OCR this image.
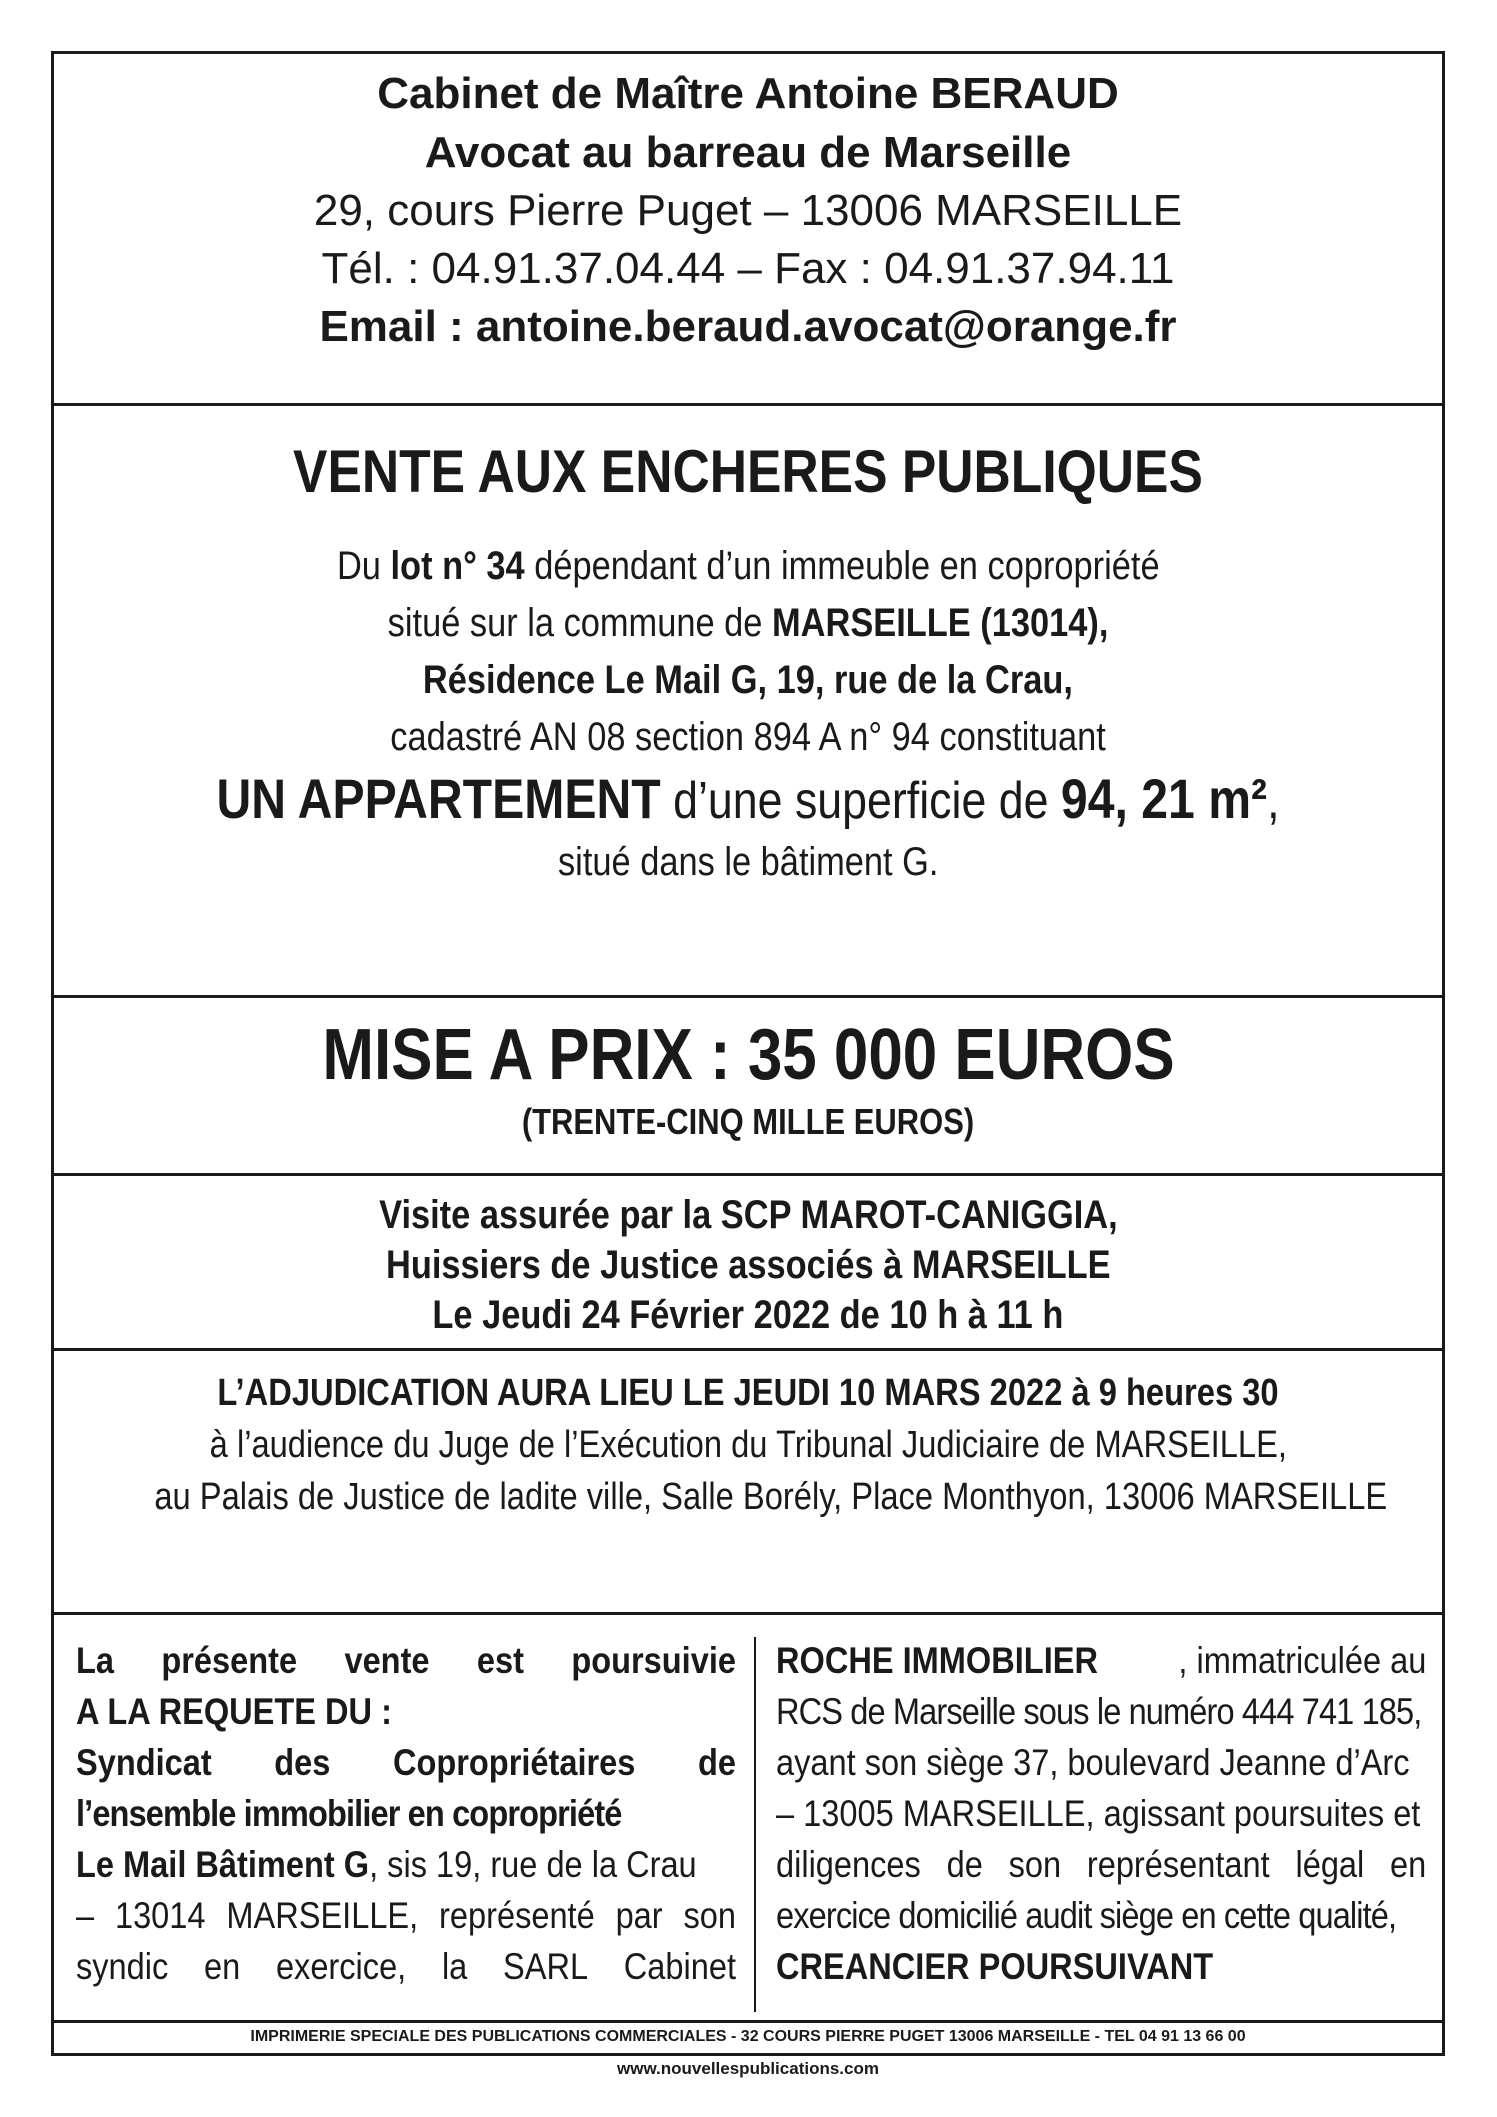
Cabinet de Maître Antoine BERAUD
Avocat au barreau de Marseille
29, cours Pierre Puget – 13006 MARSEILLE
Tél. : 04.91.37.04.44 – Fax : 04.91.37.94.11
Email : antoine.beraud.avocat@orange.fr
VENTE AUX ENCHERES PUBLIQUES
Du lot n° 34 dépendant d’un immeuble en copropriété
situé sur la commune de MARSEILLE (13014),
Résidence Le Mail G, 19, rue de la Crau,
cadastré AN 08 section 894 A n° 94 constituant
UN APPARTEMENT d’une superficie de 94, 21 m²,
situé dans le bâtiment G.
MISE A PRIX : 35 000 EUROS
(TRENTE-CINQ MILLE EUROS)
Visite assurée par la SCP MAROT-CANIGGIA,
Huissiers de Justice associés à MARSEILLE
Le Jeudi 24 Février 2022 de 10 h à 11 h
L’ADJUDICATION AURA LIEU LE JEUDI 10 MARS 2022 à 9 heures 30
à l’audience du Juge de l’Exécution du Tribunal Judiciaire de MARSEILLE,
au Palais de Justice de ladite ville, Salle Borély, Place Monthyon, 13006 MARSEILLE
La présente vente est poursuivie
A LA REQUETE DU :
Syndicat des Copropriétaires de
l’ensemble immobilier en copropriété
Le Mail Bâtiment G , sis 19, rue de la Crau
– 13014 MARSEILLE, représenté par son
syndic en exercice, la SARL Cabinet
ROCHE IMMOBILIER , immatriculée au
RCS de Marseille sous le numéro 444 741 185,
ayant son siège 37, boulevard Jeanne d’Arc
– 13005 MARSEILLE, agissant poursuites et
diligences de son représentant légal en
exercice domicilié audit siège en cette qualité,
CREANCIER POURSUIVANT
IMPRIMERIE SPECIALE DES PUBLICATIONS COMMERCIALES - 32 COURS PIERRE PUGET 13006 MARSEILLE - TEL 04 91 13 66 00
www.nouvellespublications.com
